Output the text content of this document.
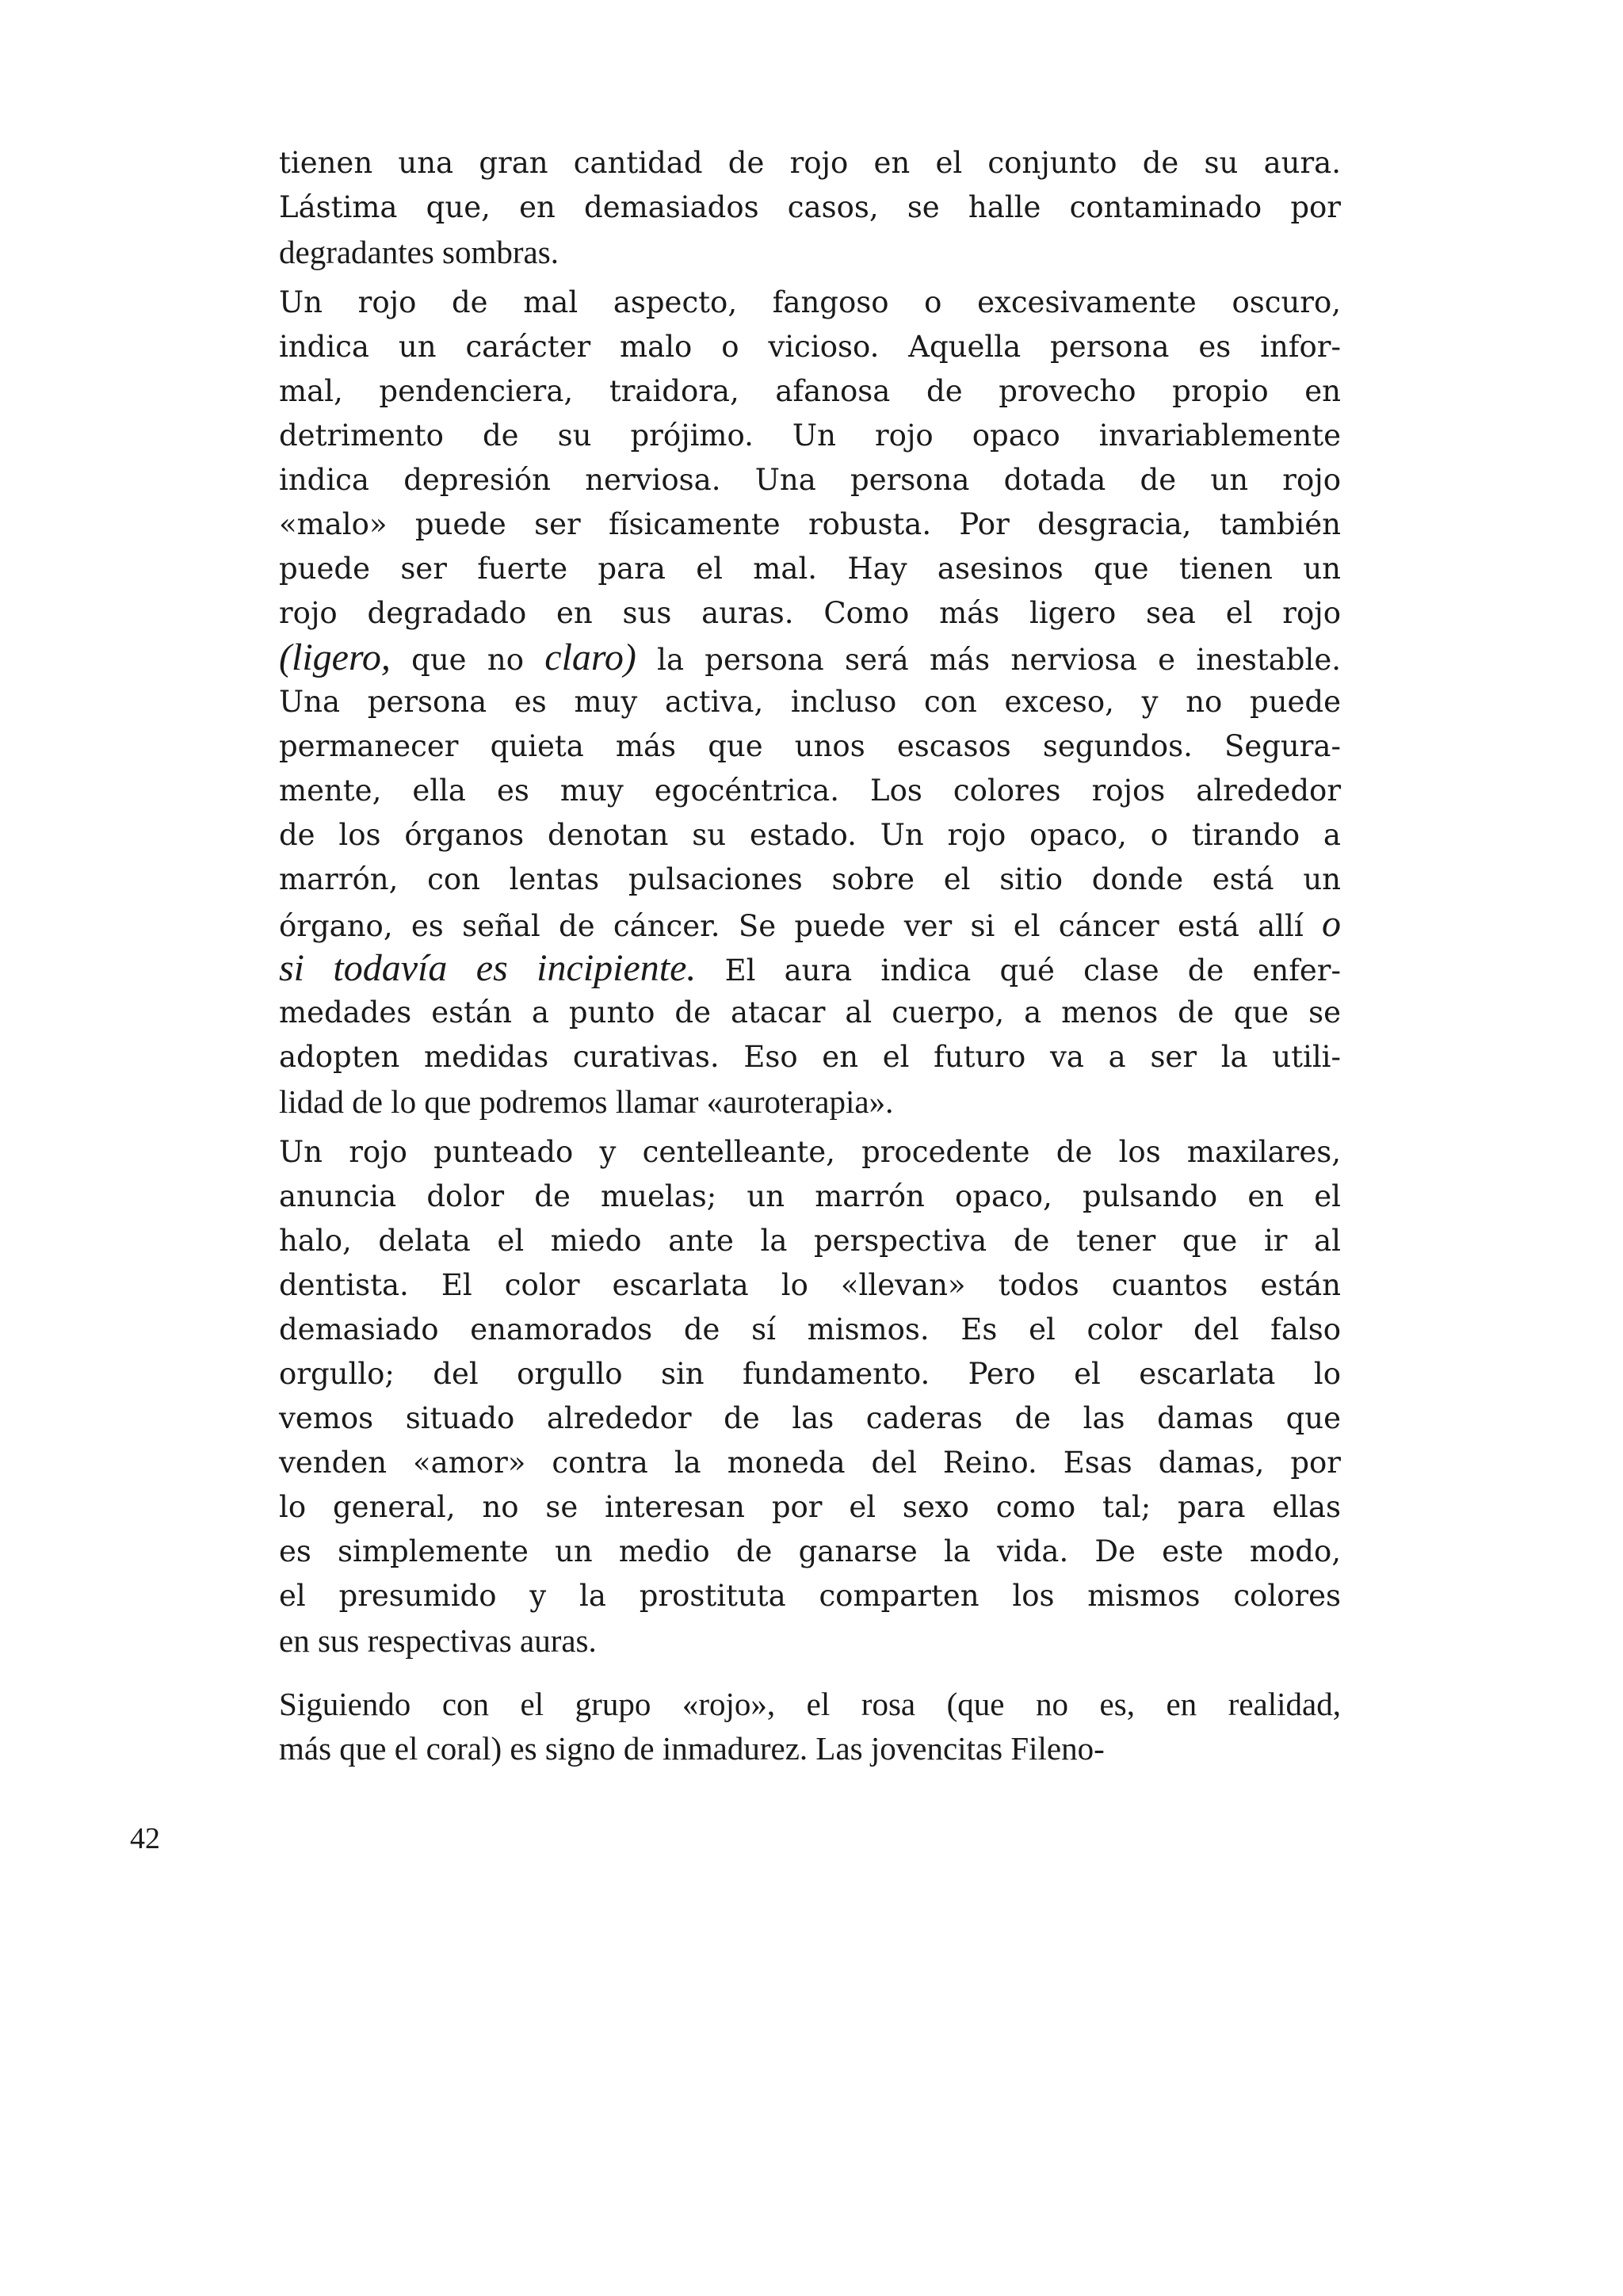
tienen una gran cantidad de rojo en el conjunto de su aura.
Lástima que, en demasiados casos, se halle contaminado por
degradantes sombras.
Un rojo de mal aspecto, fangoso o excesivamente oscuro,
indica un carácter malo o vicioso. Aquella persona es infor-
mal, pendenciera, traidora, afanosa de provecho propio en
detrimento de su prójimo. Un rojo opaco invariablemente
indica depresión nerviosa. Una persona dotada de un rojo
«malo» puede ser físicamente robusta. Por desgracia, también
puede ser fuerte para el mal. Hay asesinos que tienen un
rojo degradado en sus auras. Como más ligero sea el rojo
(ligero, que no claro) la persona será más nerviosa e inestable.
Una persona es muy activa, incluso con exceso, y no puede
permanecer quieta más que unos escasos segundos. Segura-
mente, ella es muy egocéntrica. Los colores rojos alrededor
de los órganos denotan su estado. Un rojo opaco, o tirando a
marrón, con lentas pulsaciones sobre el sitio donde está un
órgano, es señal de cáncer. Se puede ver si el cáncer está allí o
si todavía es incipiente. El aura indica qué clase de enfer-
medades están a punto de atacar al cuerpo, a menos de que se
adopten medidas curativas. Eso en el futuro va a ser la utili-
lidad de lo que podremos llamar «auroterapia».
Un rojo punteado y centelleante, procedente de los maxilares,
anuncia dolor de muelas; un marrón opaco, pulsando en el
halo, delata el miedo ante la perspectiva de tener que ir al
dentista. El color escarlata lo «llevan» todos cuantos están
demasiado enamorados de sí mismos. Es el color del falso
orgullo; del orgullo sin fundamento. Pero el escarlata lo
vemos situado alrededor de las caderas de las damas que
venden «amor» contra la moneda del Reino. Esas damas, por
lo general, no se interesan por el sexo como tal; para ellas
es simplemente un medio de ganarse la vida. De este modo,
el presumido y la prostituta comparten los mismos colores
en sus respectivas auras.
Siguiendo con el grupo «rojo», el rosa (que no es, en realidad,
más que el coral) es signo de inmadurez. Las jovencitas Fileno-
42
